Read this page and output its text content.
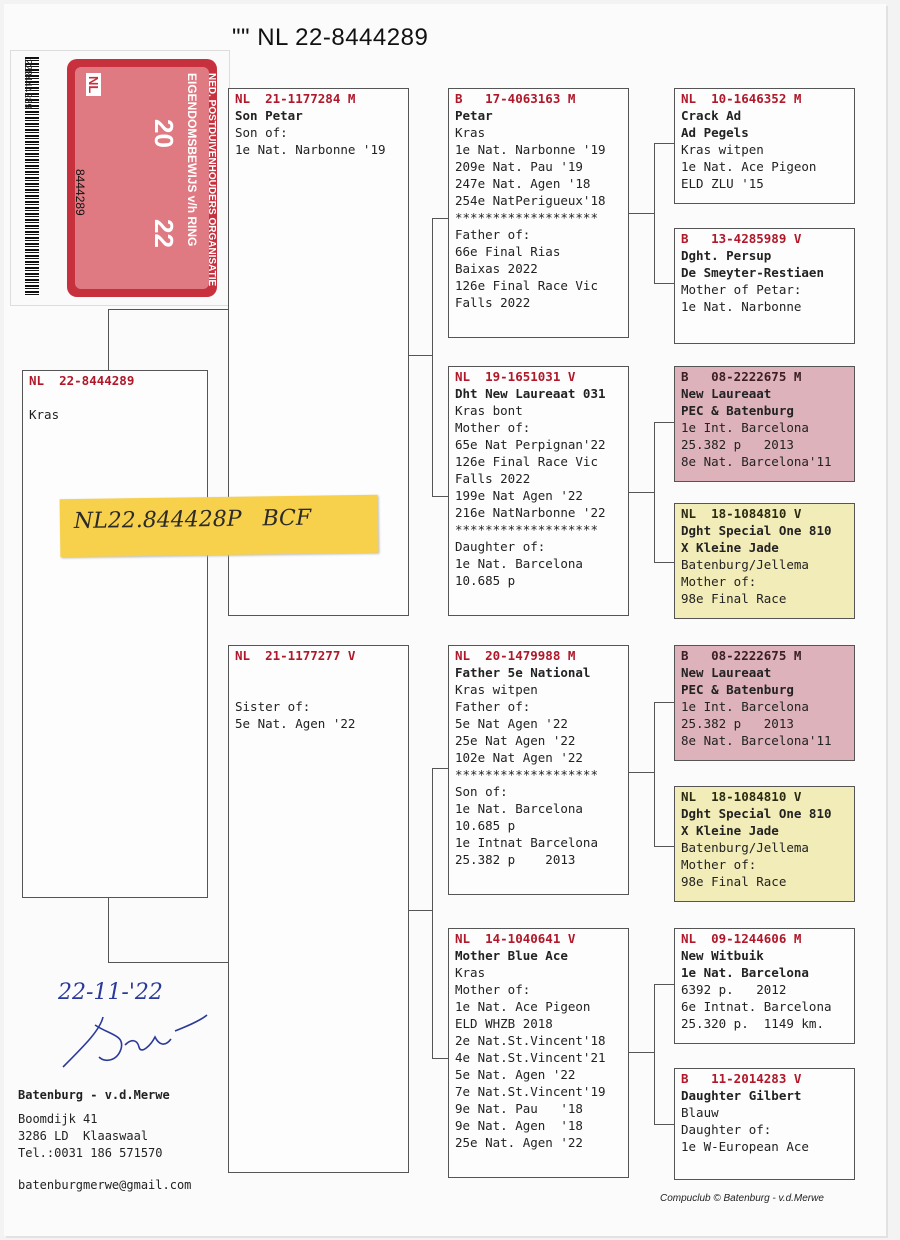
"" NL 22-8444289
228444289	NED. POSTDUIVENHOUDERS ORGANISATIE
EIGENDOMSBEWIJS v/h RING
20
22
NL
8444289
NL  22-8444289
Kras
NL  21-1177284 M
Son Petar
Son of:
1e Nat. Narbonne '19
NL  21-1177277 V
Sister of:
5e Nat. Agen '22
B   17-4063163 M
Petar
Kras
1e Nat. Narbonne '19
209e Nat. Pau '19
247e Nat. Agen '18
254e NatPerigueux'18
*******************
Father of:
66e Final Rias
Baixas 2022
126e Final Race Vic
Falls 2022
NL  19-1651031 V
Dht New Laureaat 031
Kras bont
Mother of:
65e Nat Perpignan'22
126e Final Race Vic
Falls 2022
199e Nat Agen '22
216e NatNarbonne '22
*******************
Daughter of:
1e Nat. Barcelona
10.685 p
NL  20-1479988 M
Father 5e National
Kras witpen
Father of:
5e Nat Agen '22
25e Nat Agen '22
102e Nat Agen '22
*******************
Son of:
1e Nat. Barcelona
10.685 p
1e Intnat Barcelona
25.382 p    2013
NL  14-1040641 V
Mother Blue Ace
Kras
Mother of:
1e Nat. Ace Pigeon
ELD WHZB 2018
2e Nat.St.Vincent'18
4e Nat.St.Vincent'21
5e Nat. Agen '22
7e Nat.St.Vincent'19
9e Nat. Pau   '18
9e Nat. Agen  '18
25e Nat. Agen '22
NL  10-1646352 M
Crack Ad
Ad Pegels
Kras witpen
1e Nat. Ace Pigeon
ELD ZLU '15
B   13-4285989 V
Dght. Persup
De Smeyter-Restiaen
Mother of Petar:
1e Nat. Narbonne
B   08-2222675 M
New Laureaat
PEC & Batenburg
1e Int. Barcelona
25.382 p   2013
8e Nat. Barcelona'11
NL  18-1084810 V
Dght Special One 810
X Kleine Jade
Batenburg/Jellema
Mother of:
98e Final Race
B   08-2222675 M
New Laureaat
PEC & Batenburg
1e Int. Barcelona
25.382 p   2013
8e Nat. Barcelona'11
NL  18-1084810 V
Dght Special One 810
X Kleine Jade
Batenburg/Jellema
Mother of:
98e Final Race
NL  09-1244606 M
New Witbuik
1e Nat. Barcelona
6392 p.   2012
6e Intnat. Barcelona
25.320 p.  1149 km.
B   11-2014283 V
Daughter Gilbert
Blauw
Daughter of:
1e W-European Ace
NL22.844428P   BCF
22-11-'22
Batenburg - v.d.Merwe
Boomdijk 41
3286 LD  Klaaswaal
Tel.:0031 186 571570
batenburgmerwe@gmail.com
Compuclub © Batenburg - v.d.Merwe
